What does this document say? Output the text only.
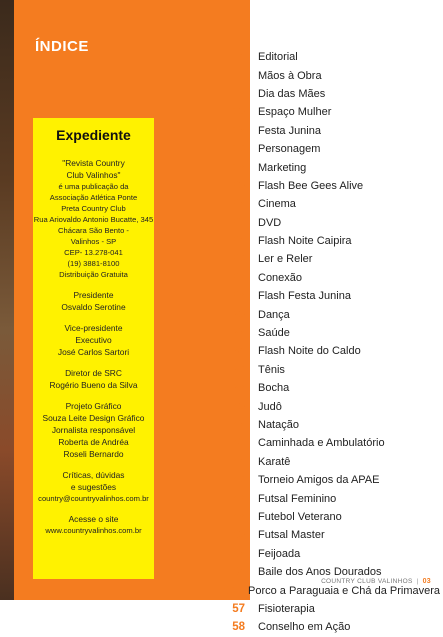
ÍNDICE
Expediente
"Revista Country
Club Valinhos"
é uma publicação da
Associação Atlética Ponte
Preta Country Club
Rua Ariovaldo Antonio Bucatte, 345
Chácara São Bento -
Valinhos - SP
CEP- 13.278-041
(19) 3881-8100
Distribuição Gratuita
Presidente
Osvaldo Serotine
Vice-presidente
Executivo
José Carlos Sartori
Diretor de SRC
Rogério Bueno da Silva
Projeto Gráfico
Souza Leite Design Gráfico
Jornalista responsável
Roberta de Andréa
Roseli Bernardo
Críticas, dúvidas
e sugestões
country@countryvalinhos.com.br
Acesse o site
www.countryvalinhos.com.br
4	Editorial
5	Mãos à Obra
8	Dia das Mães
10	Espaço Mulher
12	Festa Junina
16	Personagem
18	Marketing
20	Flash Bee Gees Alive
22	Cinema
23	DVD
24	Flash Noite Caipira
26	Ler e Reler
27	Conexão
28	Flash Festa Junina
30	Dança
32	Saúde
34	Flash Noite do Caldo
36	Tênis
38	Bocha
40	Judô
42	Natação
43	Caminhada e Ambulatório
44	Karatê
46	Torneio Amigos da APAE
47	Futsal Feminino
48	Futebol Veterano
50	Futsal Master
52	Feijoada
54	Baile dos Anos Dourados
56	Porco a Paraguaia e Chá da Primavera
57	Fisioterapia
58	Conselho em Ação
COUNTRY CLUB VALINHOS | 03
